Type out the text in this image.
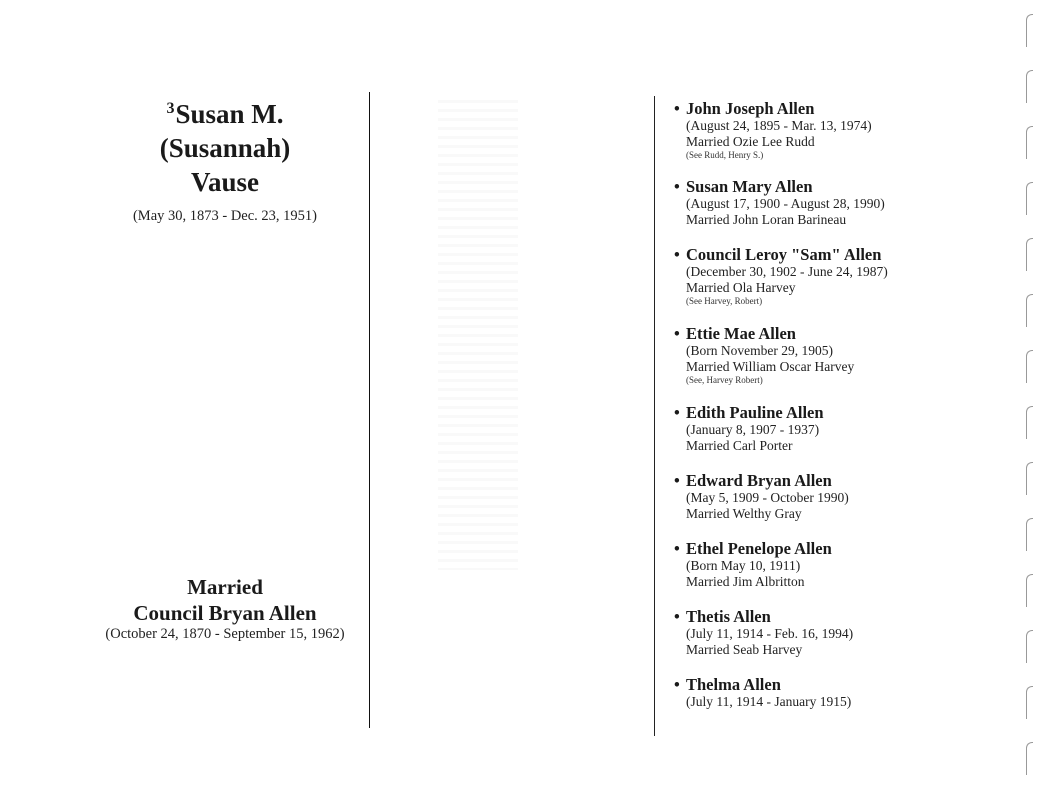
$^3$Susan M.

(Susannah)

Vause

(May 30, 1873 - Dec. 23, 1951)
Married
Council Bryan Allen
(October 24, 1870 - September 15, 1962)
• John Joseph Allen
(August 24, 1895 - Mar. 13, 1974)
Married Ozie Lee Rudd
(See Rudd, Henry S.)
• Susan Mary Allen
(August 17, 1900 - August 28, 1990)
Married John Loran Barineau
• Council Leroy "Sam" Allen
(December 30, 1902 - June 24, 1987)
Married Ola Harvey
(See Harvey, Robert)
• Ettie Mae Allen
(Born November 29, 1905)
Married William Oscar Harvey
(See, Harvey Robert)
• Edith Pauline Allen
(January 8, 1907 - 1937)
Married Carl Porter
• Edward Bryan Allen
(May 5, 1909 - October 1990)
Married Welthy Gray
• Ethel Penelope Allen
(Born May 10, 1911)
Married Jim Albritton
• Thetis Allen
(July 11, 1914 - Feb. 16, 1994)
Married Seab Harvey
• Thelma Allen
(July 11, 1914 - January 1915)
